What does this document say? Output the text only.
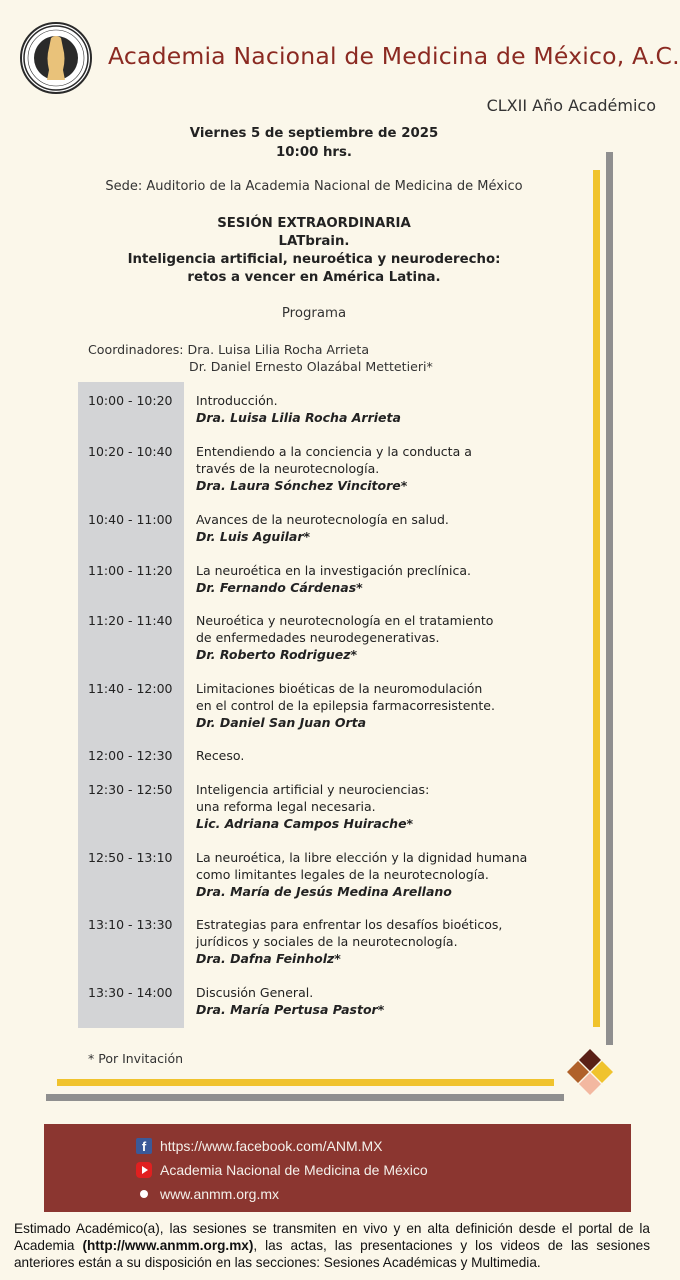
Academia Nacional de Medicina de México, A.C.
CLXII Año Académico
Viernes 5 de septiembre de 2025
10:00 hrs.
Sede: Auditorio de la Academia Nacional de Medicina de México
SESIÓN EXTRAORDINARIA
LATbrain.
Inteligencia artificial, neuroética y neuroderecho:
retos a vencer en América Latina.
Programa
Coordinadores: Dra. Luisa Lilia Rocha Arrieta
Dr. Daniel Ernesto Olazábal Mettetieri*
10:00 - 10:20 Introducción.
Dra. Luisa Lilia Rocha Arrieta
10:20 - 10:40 Entendiendo a la conciencia y la conducta a
través de la neurotecnología.
Dra. Laura Sónchez Vincitore*
10:40 - 11:00 Avances de la neurotecnología en salud.
Dr. Luis Aguilar*
11:00 - 11:20 La neuroética en la investigación preclínica.
Dr. Fernando Cárdenas*
11:20 - 11:40 Neuroética y neurotecnología en el tratamiento
de enfermedades neurodegenerativas.
Dr. Roberto Rodriguez*
11:40 - 12:00 Limitaciones bioéticas de la neuromodulación
en el control de la epilepsia farmacorresistente.
Dr. Daniel San Juan Orta
12:00 - 12:30 Receso.
12:30 - 12:50 Inteligencia artificial y neurociencias:
una reforma legal necesaria.
Lic. Adriana Campos Huirache*
12:50 - 13:10 La neuroética, la libre elección y la dignidad humana
como limitantes legales de la neurotecnología.
Dra. María de Jesús Medina Arellano
13:10 - 13:30 Estrategias para enfrentar los desafíos bioéticos,
jurídicos y sociales de la neurotecnología.
Dra. Dafna Feinholz*
13:30 - 14:00 Discusión General.
Dra. María Pertusa Pastor*
* Por Invitación
f https://www.facebook.com/ANM.MX
Academia Nacional de Medicina de México
www.anmm.org.mx
Estimado Académico(a), las sesiones se transmiten en vivo y en alta definición desde el portal de la Academia (http://www.anmm.org.mx), las actas, las presentaciones y los videos de las sesiones anteriores están a su disposición en las secciones: Sesiones Académicas y Multimedia.
